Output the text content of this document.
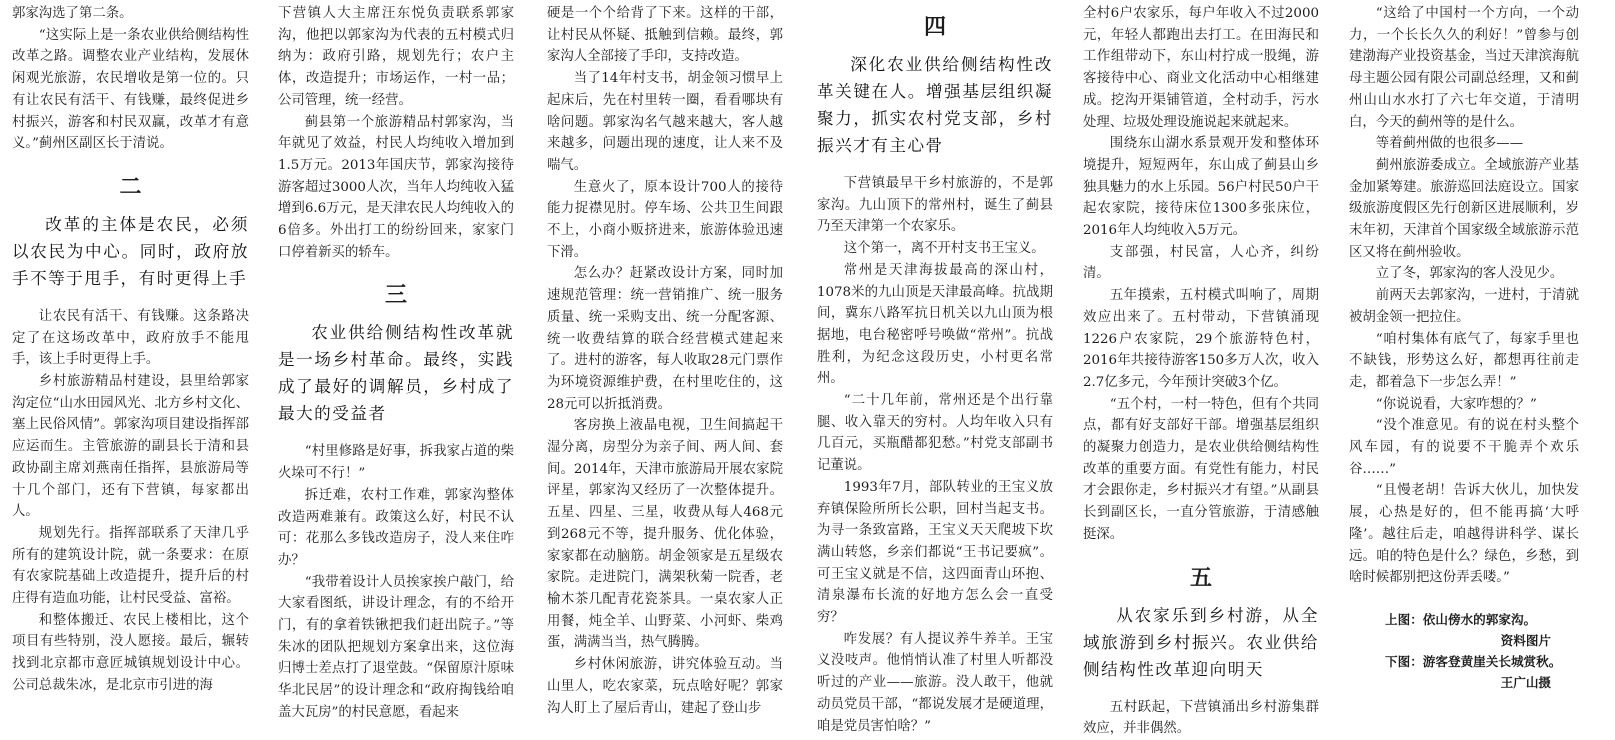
郭家沟选了第二条。

“这实际上是一条农业供给侧结构性改革之路。调整农业产业结构，发展休闲观光旅游，农民增收是第一位的。只有让农民有活干、有钱赚，最终促进乡村振兴，游客和村民双赢，改革才有意义。”蓟州区副区长于清说。

二
改革的主体是农民，必须以农民为中心。同时，政府放手不等于甩手，有时更得上手

让农民有活干、有钱赚。这条路决定了在这场改革中，政府放手不能甩手，该上手时更得上手。

乡村旅游精品村建设，县里给郭家沟定位“山水田园风光、北方乡村文化、塞上民俗风情”。郭家沟项目建设指挥部应运而生。主管旅游的副县长于清和县政协副主席刘燕南任指挥，县旅游局等十几个部门，还有下营镇，每家都出人。

规划先行。指挥部联系了天津几乎所有的建筑设计院，就一条要求：在原有农家院基础上改造提升，提升后的村庄得有造血功能，让村民受益、富裕。

和整体搬迁、农民上楼相比，这个项目有些特别，没人愿接。最后，辗转找到北京都市意匠城镇规划设计中心。公司总裁朱冰，是北京市引进的海

下营镇人大主席汪东悦负责联系郭家沟，他把以郭家沟为代表的五村模式归纳为：政府引路，规划先行；农户主体，改造提升；市场运作，一村一品；公司管理，统一经营。

蓟县第一个旅游精品村郭家沟，当年就见了效益，村民人均纯收入增加到1.5万元。2013年国庆节，郭家沟接待游客超过3000人次，当年人均纯收入猛增到6.6万元，是天津农民人均纯收入的6倍多。外出打工的纷纷回来，家家门口停着新买的轿车。

三
农业供给侧结构性改革就是一场乡村革命。最终，实践成了最好的调解员，乡村成了最大的受益者

“村里修路是好事，拆我家占道的柴火垛可不行！”

拆迁难，农村工作难，郭家沟整体改造两难兼有。政策这么好，村民不认可：花那么多钱改造房子，没人来住咋办？

“我带着设计人员挨家挨户敲门，给大家看图纸，讲设计理念，有的不给开门，有的拿着铁锹把我们赶出院子。”等朱冰的团队把规划方案拿出来，这位海归博士差点打了退堂鼓。“保留原汁原味华北民居”的设计理念和“政府掏钱给咱盖大瓦房”的村民意愿，看起来

硬是一个个给背了下来。这样的干部，让村民从怀疑、抵触到信赖。最终，郭家沟人全部接了手印，支持改造。

当了14年村支书，胡金领习惯早上起床后，先在村里转一圈，看看哪块有啥问题。郭家沟名气越来越大，客人越来越多，问题出现的速度，让人来不及喘气。

生意火了，原本设计700人的接待能力捉襟见肘。停车场、公共卫生间跟不上，小商小贩挤进来，旅游体验迅速下滑。

怎么办？赶紧改设计方案，同时加速规范管理：统一营销推广、统一服务质量、统一采购支出、统一分配客源、统一收费结算的联合经营模式建起来了。进村的游客，每人收取28元门票作为环境资源维护费，在村里吃住的，这28元可以折抵消费。

客房换上液晶电视，卫生间搞起干湿分离，房型分为亲子间、两人间、套间。2014年，天津市旅游局开展农家院评星，郭家沟又经历了一次整体提升。五星、四星、三星，收费从每人468元到268元不等，提升服务、优化体验，家家都在动脑筋。胡金领家是五星级农家院。走进院门，满架秋菊一院香，老榆木茶几配青花瓷茶具。一桌农家人正用餐，炖全羊、山野菜、小河虾、柴鸡蛋，满满当当，热气腾腾。

乡村休闲旅游，讲究体验互动。当山里人，吃农家菜，玩点啥好呢？郭家沟人盯上了屋后青山，建起了登山步

四
深化农业供给侧结构性改革关键在人。增强基层组织凝聚力，抓实农村党支部，乡村振兴才有主心骨

下营镇最早干乡村旅游的，不是郭家沟。九山顶下的常州村，诞生了蓟县乃至天津第一个农家乐。

这个第一，离不开村支书王宝义。

常州是天津海拔最高的深山村，1078米的九山顶是天津最高峰。抗战期间，冀东八路军抗日机关以九山顶为根据地，电台秘密呼号唤做“常州”。抗战胜利，为纪念这段历史，小村更名常州。

“二十几年前，常州还是个出行靠腿、收入靠天的穷村。人均年收入只有几百元，买瓶醋都犯愁。”村党支部副书记董说。

1993年7月，部队转业的王宝义放弃镇保险所所长公职，回村当起支书。为寻一条致富路，王宝义天天爬坡下坎满山转悠，乡亲们都说“王书记要疯”。可王宝义就是不信，这四面青山环抱、清泉瀑布长流的好地方怎么会一直受穷？

咋发展？有人提议养牛养羊。王宝义没吱声。他悄悄认准了村里人听都没听过的产业——旅游。没人敢干，他就动员党员干部，“都说发展才是硬道理，咱是党员害怕啥？”

全村6户农家乐，每户年收入不过2000元，年轻人都跑出去打工。在田海民和工作组带动下，东山村拧成一股绳，游客接待中心、商业文化活动中心相继建成。挖沟开渠铺管道，全村动手，污水处理、垃圾处理设施说起来就起来。

围绕东山湖水系景观开发和整体环境提升，短短两年，东山成了蓟县山乡独具魅力的水上乐园。56户村民50户干起农家院，接待床位1300多张床位，2016年人均纯收入5万元。

支部强，村民富，人心齐，纠纷清。

五年摸索，五村模式叫响了，周期效应出来了。五村带动，下营镇涌现1226户农家院，29个旅游特色村，2016年共接待游客150多万人次，收入2.7亿多元，今年预计突破3个亿。

“五个村，一村一特色，但有个共同点，都有好支部好干部。增强基层组织的凝聚力创造力，是农业供给侧结构性改革的重要方面。有党性有能力，村民才会跟你走，乡村振兴才有望。”从副县长到副区长，一直分管旅游，于清感触挺深。

五
从农家乐到乡村游，从全域旅游到乡村振兴。农业供给侧结构性改革迎向明天

五村跃起，下营镇涌出乡村游集群效应，并非偶然。

“这给了中国村一个方向，一个动力，一个长长久久的利好！”曾参与创建渤海产业投资基金，当过天津滨海航母主题公园有限公司副总经理，又和蓟州山山水水打了六七年交道，于清明白，今天的蓟州等的是什么。

等着蓟州做的也很多——

蓟州旅游委成立。全域旅游产业基金加紧筹建。旅游巡回法庭设立。国家级旅游度假区先行创新区进展顺利，岁末年初，天津首个国家级全域旅游示范区又将在蓟州验收。

立了冬，郭家沟的客人没见少。

前两天去郭家沟，一进村，于清就被胡金领一把拉住。

“咱村集体有底气了，每家手里也不缺钱，形势这么好，都想再往前走走，都着急下一步怎么弄！”

“你说说看，大家咋想的？”

“没个准意见。有的说在村头整个风车园，有的说要不干脆弄个欢乐谷……”

“且慢老胡！告诉大伙儿，加快发展，心热是好的，但不能再搞‘大呼隆’。越往后走，咱越得讲科学、谋长远。咱的特色是什么？绿色，乡愁，到啥时候都别把这份弄丢喽。”

上图：依山傍水的郭家沟。
资料图片
下图：游客登黄崖关长城赏秋。
王广山摄
